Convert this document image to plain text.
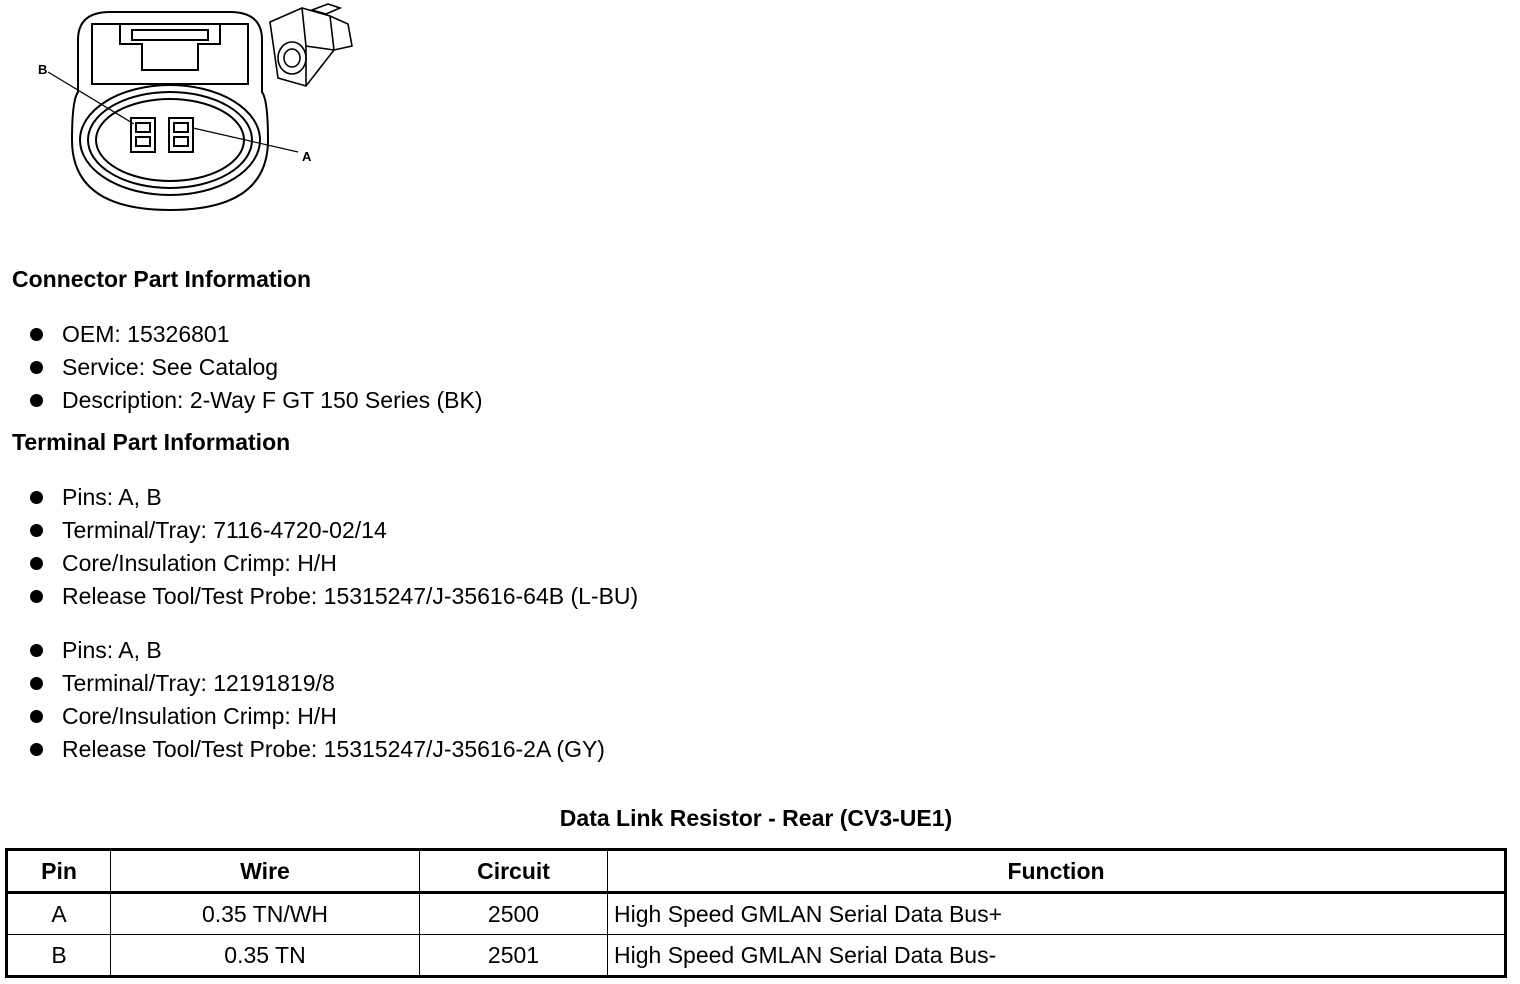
B
A
Connector Part Information
OEM: 15326801
Service: See Catalog
Description: 2-Way F GT 150 Series (BK)
Terminal Part Information
Pins: A, B
Terminal/Tray: 7116-4720-02/14
Core/Insulation Crimp: H/H
Release Tool/Test Probe: 15315247/J-35616-64B (L-BU)
Pins: A, B
Terminal/Tray: 12191819/8
Core/Insulation Crimp: H/H
Release Tool/Test Probe: 15315247/J-35616-2A (GY)
Data Link Resistor - Rear (CV3-UE1)
Pin	Wire	Circuit	Function
A	0.35 TN/WH	2500	High Speed GMLAN Serial Data Bus+
B	0.35 TN	2501	High Speed GMLAN Serial Data Bus-
